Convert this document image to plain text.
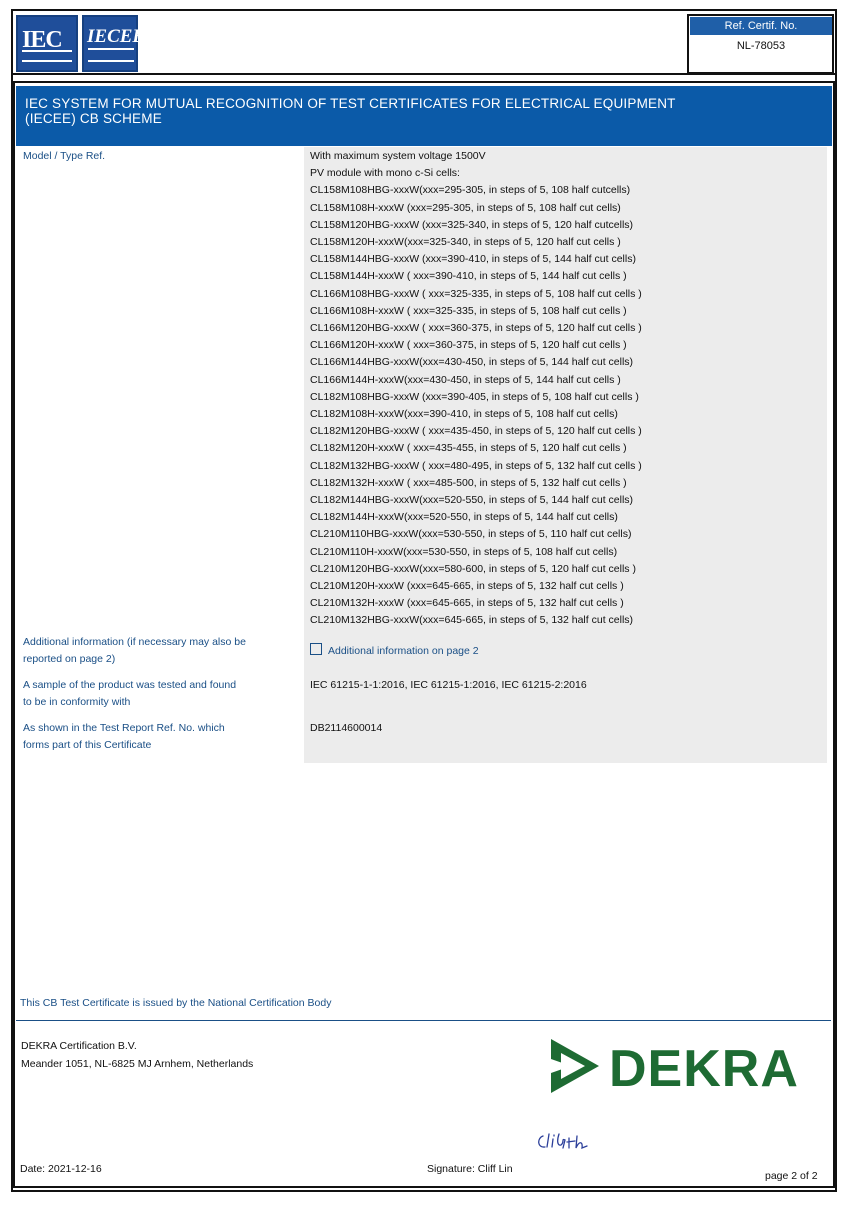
IEC IECEE	Ref. Certif. No.
NL-78053
IEC SYSTEM FOR MUTUAL RECOGNITION OF TEST CERTIFICATES FOR ELECTRICAL EQUIPMENT
(IECEE) CB SCHEME
Model / Type Ref.	With maximum system voltage 1500V
PV module with mono c-Si cells:
CL158M108HBG-xxxW(xxx=295-305, in steps of 5, 108 half cutcells)
CL158M108H-xxxW (xxx=295-305, in steps of 5, 108 half cut cells)
CL158M120HBG-xxxW (xxx=325-340, in steps of 5, 120 half cutcells)
CL158M120H-xxxW(xxx=325-340, in steps of 5, 120 half cut cells )
CL158M144HBG-xxxW (xxx=390-410, in steps of 5, 144 half cut cells)
CL158M144H-xxxW ( xxx=390-410, in steps of 5, 144 half cut cells )
CL166M108HBG-xxxW ( xxx=325-335, in steps of 5, 108 half cut cells )
CL166M108H-xxxW ( xxx=325-335, in steps of 5, 108 half cut cells )
CL166M120HBG-xxxW ( xxx=360-375, in steps of 5, 120 half cut cells )
CL166M120H-xxxW ( xxx=360-375, in steps of 5, 120 half cut cells )
CL166M144HBG-xxxW(xxx=430-450, in steps of 5, 144 half cut cells)
CL166M144H-xxxW(xxx=430-450, in steps of 5, 144 half cut cells )
CL182M108HBG-xxxW (xxx=390-405, in steps of 5, 108 half cut cells )
CL182M108H-xxxW(xxx=390-410, in steps of 5, 108 half cut cells)
CL182M120HBG-xxxW ( xxx=435-450, in steps of 5, 120 half cut cells )
CL182M120H-xxxW ( xxx=435-455, in steps of 5, 120 half cut cells )
CL182M132HBG-xxxW ( xxx=480-495, in steps of 5, 132 half cut cells )
CL182M132H-xxxW ( xxx=485-500, in steps of 5, 132 half cut cells )
CL182M144HBG-xxxW(xxx=520-550, in steps of 5, 144 half cut cells)
CL182M144H-xxxW(xxx=520-550, in steps of 5, 144 half cut cells)
CL210M110HBG-xxxW(xxx=530-550, in steps of 5, 110 half cut cells)
CL210M110H-xxxW(xxx=530-550, in steps of 5, 108 half cut cells)
CL210M120HBG-xxxW(xxx=580-600, in steps of 5, 120 half cut cells )
CL210M120H-xxxW (xxx=645-665, in steps of 5, 132 half cut cells )
CL210M132H-xxxW (xxx=645-665, in steps of 5, 132 half cut cells )
CL210M132HBG-xxxW(xxx=645-665, in steps of 5, 132 half cut cells)
Additional information (if necessary may also be
reported on page 2)
Additional information on page 2
A sample of the product was tested and found
to be in conformity with
IEC 61215-1-1:2016, IEC 61215-1:2016, IEC 61215-2:2016
As shown in the Test Report Ref. No. which
forms part of this Certificate
DB2114600014
This CB Test Certificate is issued by the National Certification Body
DEKRA Certification B.V.
Meander 1051, NL-6825 MJ Arnhem, Netherlands	DEKRA
Date: 2021-12-16	Signature: Cliff Lin
page 2 of 2
